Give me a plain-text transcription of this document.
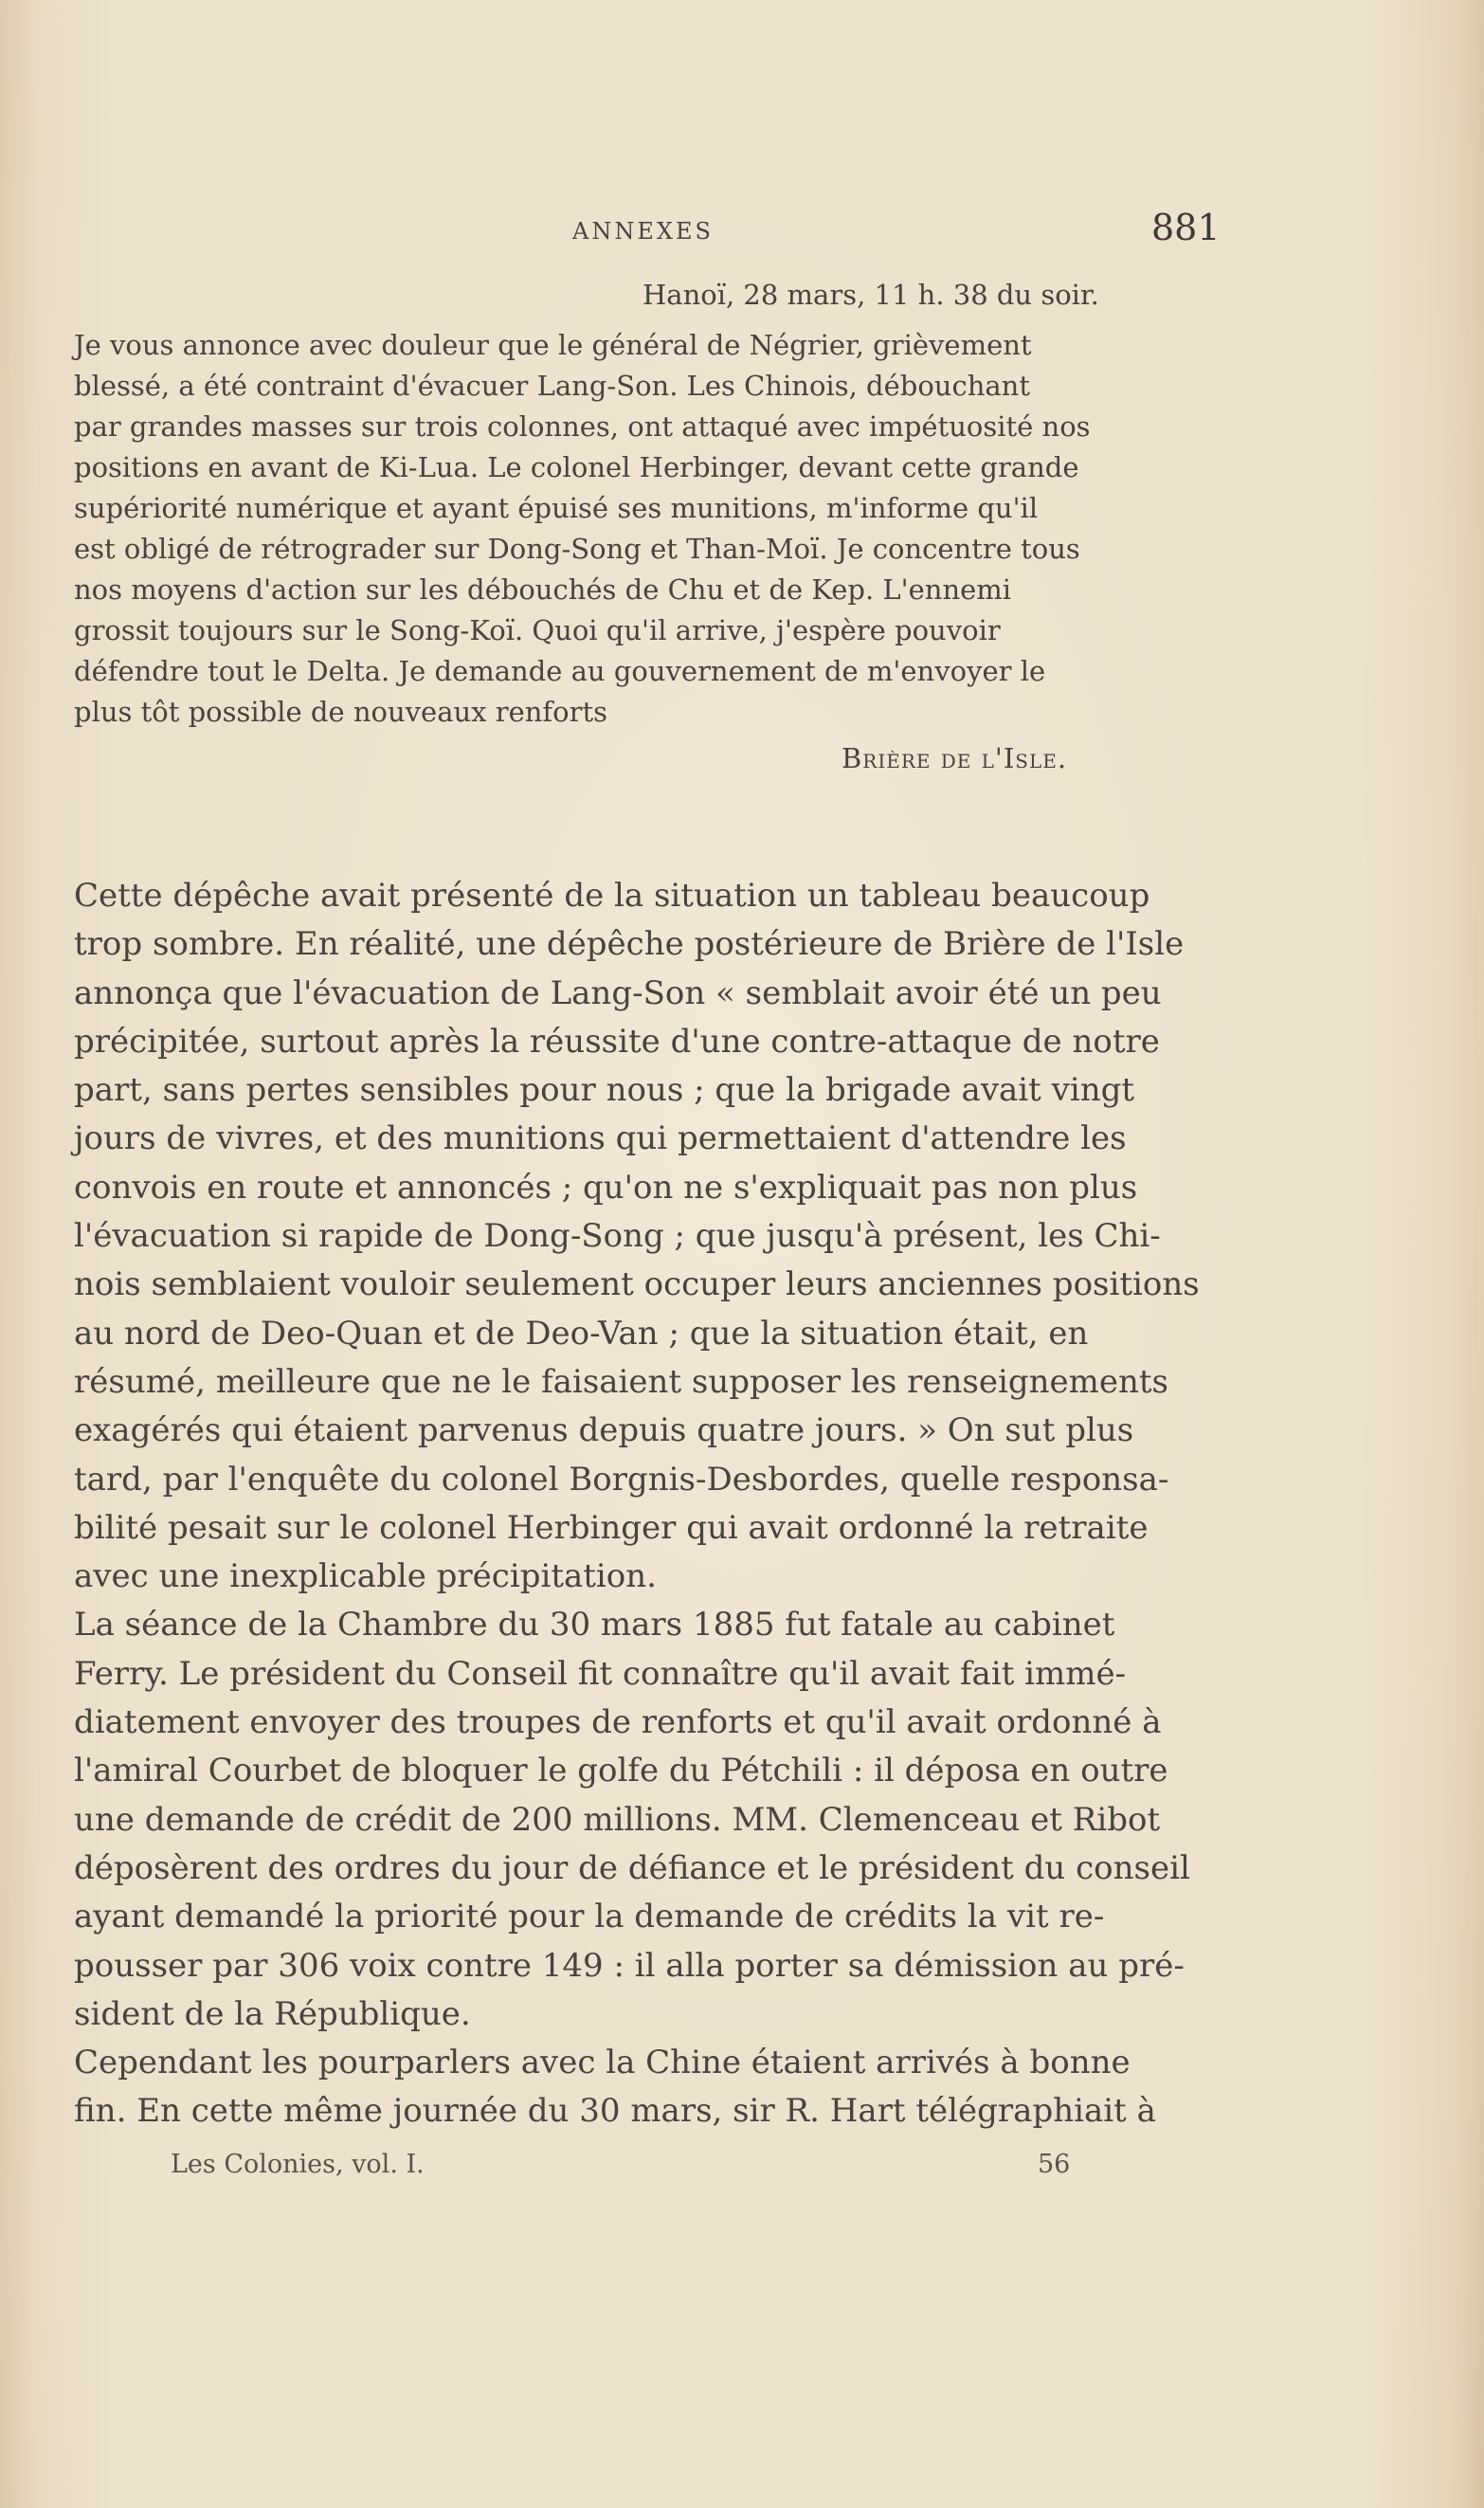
ANNEXES	881
Hanoï, 28 mars, 11 h. 38 du soir.
Je vous annonce avec douleur que le général de Négrier, grièvement
blessé, a été contraint d'évacuer Lang-Son. Les Chinois, débouchant
par grandes masses sur trois colonnes, ont attaqué avec impétuosité nos
positions en avant de Ki-Lua. Le colonel Herbinger, devant cette grande
supériorité numérique et ayant épuisé ses munitions, m'informe qu'il
est obligé de rétrograder sur Dong-Song et Than-Moï. Je concentre tous
nos moyens d'action sur les débouchés de Chu et de Kep. L'ennemi
grossit toujours sur le Song-Koï. Quoi qu'il arrive, j'espère pouvoir
défendre tout le Delta. Je demande au gouvernement de m'envoyer le
plus tôt possible de nouveaux renforts
Brière de l'Isle.
Cette dépêche avait présenté de la situation un tableau beaucoup
trop sombre. En réalité, une dépêche postérieure de Brière de l'Isle
annonça que l'évacuation de Lang-Son « semblait avoir été un peu
précipitée, surtout après la réussite d'une contre-attaque de notre
part, sans pertes sensibles pour nous ; que la brigade avait vingt
jours de vivres, et des munitions qui permettaient d'attendre les
convois en route et annoncés ; qu'on ne s'expliquait pas non plus
l'évacuation si rapide de Dong-Song ; que jusqu'à présent, les Chi-
nois semblaient vouloir seulement occuper leurs anciennes positions
au nord de Deo-Quan et de Deo-Van ; que la situation était, en
résumé, meilleure que ne le faisaient supposer les renseignements
exagérés qui étaient parvenus depuis quatre jours. » On sut plus
tard, par l'enquête du colonel Borgnis-Desbordes, quelle responsa-
bilité pesait sur le colonel Herbinger qui avait ordonné la retraite
avec une inexplicable précipitation.
La séance de la Chambre du 30 mars 1885 fut fatale au cabinet
Ferry. Le président du Conseil fit connaître qu'il avait fait immé-
diatement envoyer des troupes de renforts et qu'il avait ordonné à
l'amiral Courbet de bloquer le golfe du Pétchili : il déposa en outre
une demande de crédit de 200 millions. MM. Clemenceau et Ribot
déposèrent des ordres du jour de défiance et le président du conseil
ayant demandé la priorité pour la demande de crédits la vit re-
pousser par 306 voix contre 149 : il alla porter sa démission au pré-
sident de la République.
Cependant les pourparlers avec la Chine étaient arrivés à bonne
fin. En cette même journée du 30 mars, sir R. Hart télégraphiait à
Les Colonies, vol. I.	56
